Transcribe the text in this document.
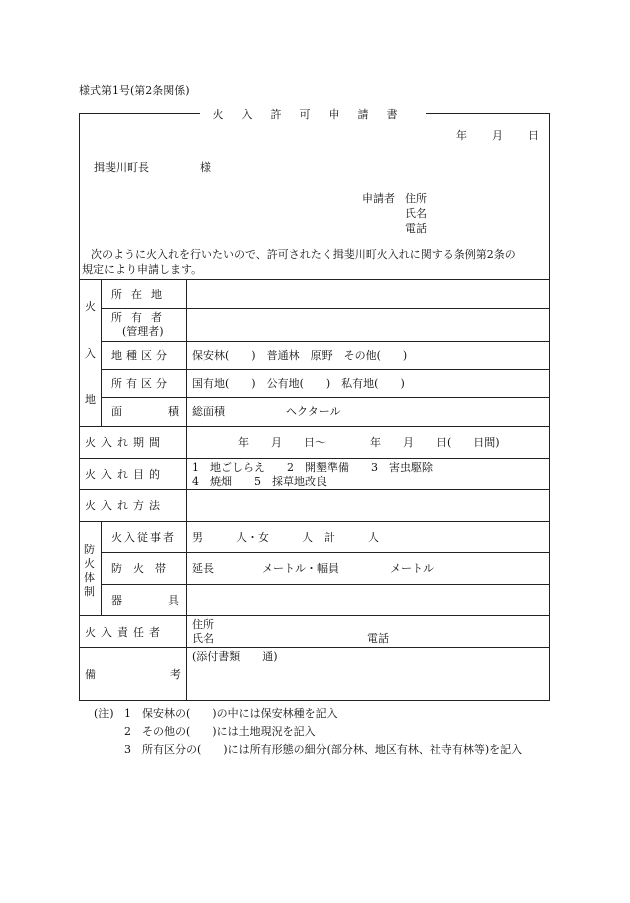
様式第1号(第2条関係)
火入許可申請書
年　　月　　日
揖斐川町長	様
申請者 住所
氏名
電話
次のように火入れを行いたいので、許可されたく揖斐川町火入れに関する条例第2条の
規定により申請します。
火
入
地
所在地
所有者
(管理者)
地種区分 保安林(　　)　普通林　原野　その他(　　)
所有区分 国有地(　　)　公有地(　　)　私有地(　　)
面積 総面積	ヘクタール
火入れ期間	年　　月　　日～　　　　年　　月　　日(　　日間)
火入れ目的
1　地ごしらえ　　2　開墾準備　　3　害虫駆除
4　焼畑　　5　採草地改良
火入れ方法
防火体制
火入従事者 男　　　人・女　　　人　計　　　人
防火帯 延長	メートル・幅員	メートル
器具
火入責任者
住所
氏名	電話
備	考
(添付書類　　通)
(注) 1　保安林の(　　)の中には保安林種を記入
2　その他の(　　)には土地現況を記入
3　所有区分の(　　)には所有形態の細分(部分林、地区有林、社寺有林等)を記入
